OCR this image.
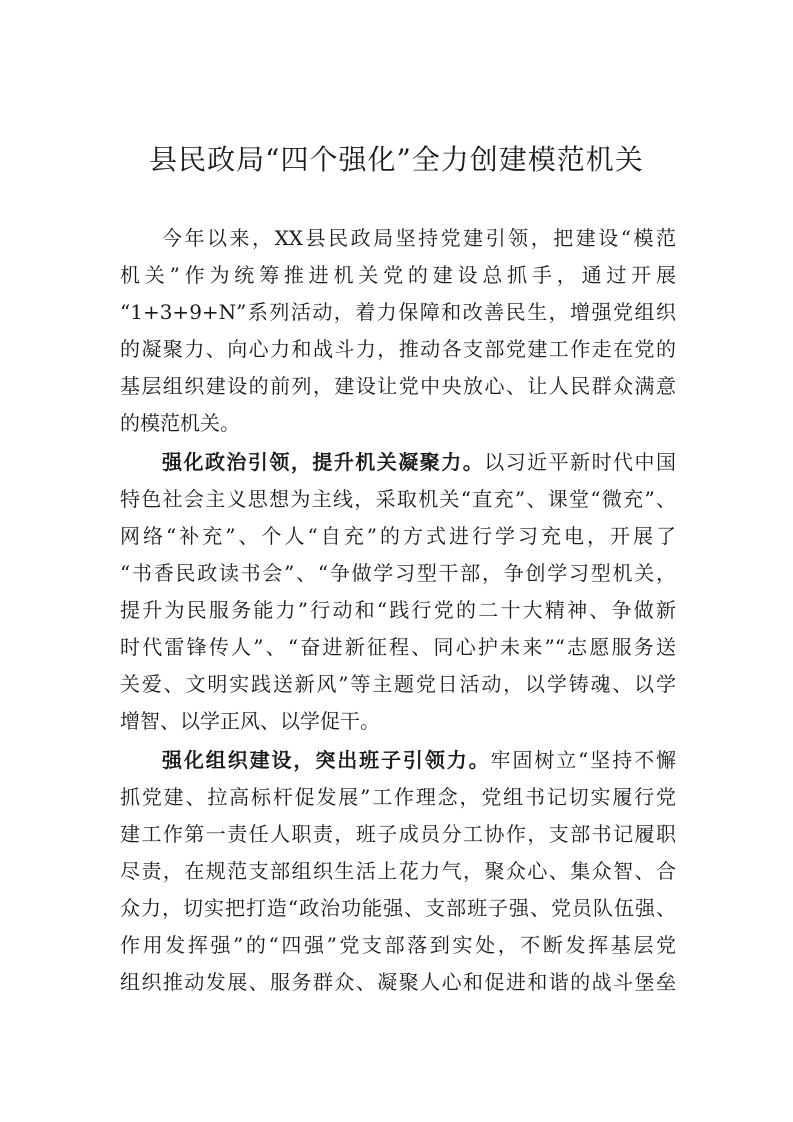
县民政局“四个强化”全力创建模范机关
今年以来，XX县民政局坚持党建引领，把建设“模范
机关”作为统筹推进机关党的建设总抓手，通过开展
“1+3+9+N”系列活动，着力保障和改善民生，增强党组织
的凝聚力、向心力和战斗力，推动各支部党建工作走在党的
基层组织建设的前列，建设让党中央放心、让人民群众满意
的模范机关。
强化政治引领，提升机关凝聚力。以习近平新时代中国
特色社会主义思想为主线，采取机关“直充”、课堂“微充”、
网络“补充”、个人“自充”的方式进行学习充电，开展了
“书香民政读书会”、“争做学习型干部，争创学习型机关，
提升为民服务能力”行动和“践行党的二十大精神、争做新
时代雷锋传人”、“奋进新征程、同心护未来”“志愿服务送
关爱、文明实践送新风”等主题党日活动，以学铸魂、以学
增智、以学正风、以学促干。
强化组织建设，突出班子引领力。牢固树立“坚持不懈
抓党建、拉高标杆促发展”工作理念，党组书记切实履行党
建工作第一责任人职责，班子成员分工协作，支部书记履职
尽责，在规范支部组织生活上花力气，聚众心、集众智、合
众力，切实把打造“政治功能强、支部班子强、党员队伍强、
作用发挥强”的“四强”党支部落到实处，不断发挥基层党
组织推动发展、服务群众、凝聚人心和促进和谐的战斗堡垒
